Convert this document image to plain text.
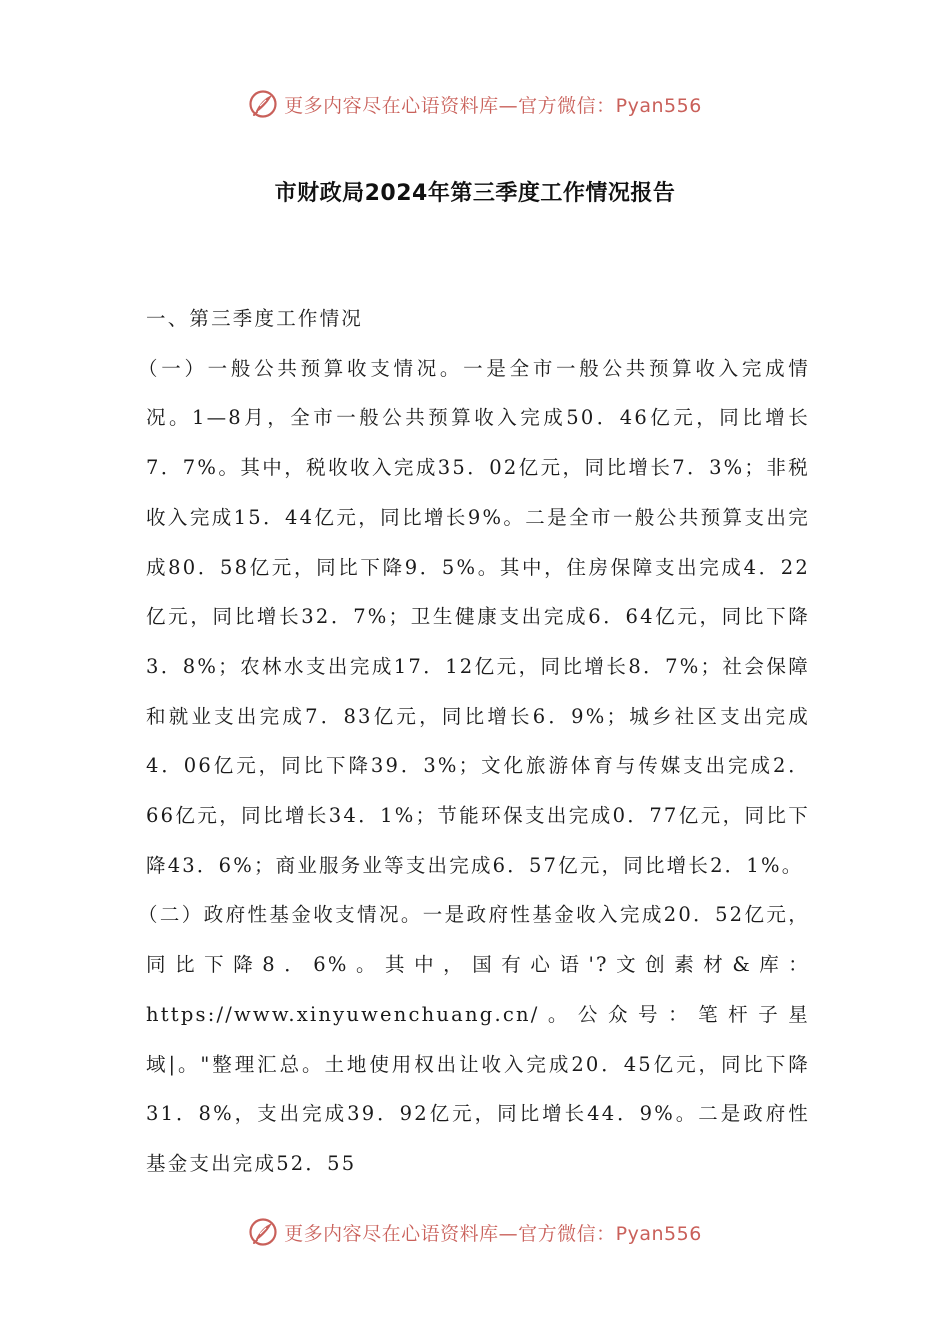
更多内容尽在心语资料库—官方微信：Pyan556
市财政局2024年第三季度工作情况报告

一、第三季度工作情况

（一）一般公共预算收支情况。一是全市一般公共预算收入完成情况。1—8月，全市一般公共预算收入完成50．46亿元，同比增长7．7%。其中，税收收入完成35．02亿元，同比增长7．3%；非税收入完成15．44亿元，同比增长9%。二是全市一般公共预算支出完成80．58亿元，同比下降9．5%。其中，住房保障支出完成4．22亿元，同比增长32．7%；卫生健康支出完成6．64亿元，同比下降3．8%；农林水支出完成17．12亿元，同比增长8．7%；社会保障和就业支出完成7．83亿元，同比增长6．9%；城乡社区支出完成4．06亿元，同比下降39．3%；文化旅游体育与传媒支出完成2．66亿元，同比增长34．1%；节能环保支出完成0．77亿元，同比下降43．6%；商业服务业等支出完成6．57亿元，同比增长2．1%。

（二）政府性基金收支情况。一是政府性基金收入完成20．52亿元，同比下降8．6%。其中，国有心语'?文创素材&库：https://www.xinyuwenchuang.cn/。公众号：笔杆子星域|。"整理汇总。土地使用权出让收入完成20．45亿元，同比下降31．8%，支出完成39．92亿元，同比增长44．9%。二是政府性基金支出完成52．55

更多内容尽在心语资料库—官方微信：Pyan556
